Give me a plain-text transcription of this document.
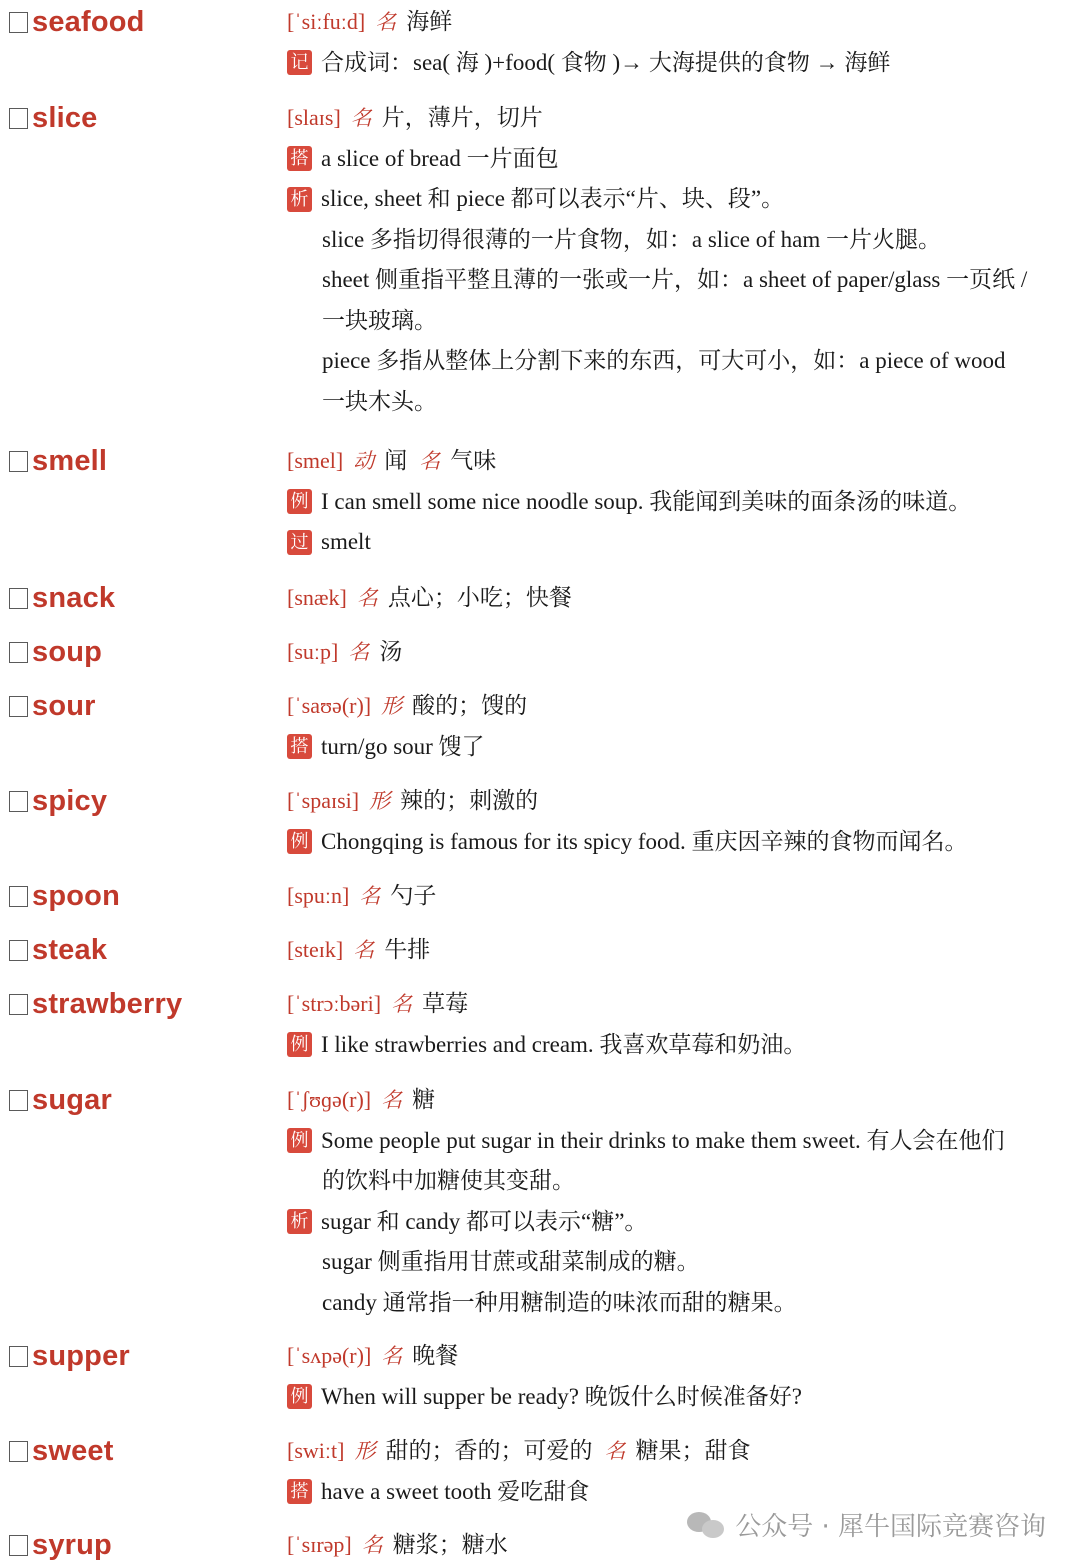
seafood	[ˈsiːfuːd] 名 海鲜
记 合成词：sea( 海 )+food( 食物 )→ 大海提供的食物 → 海鲜
slice	[slaɪs] 名 片，薄片，切片
搭 a slice of bread 一片面包
析 slice, sheet 和 piece 都可以表示“片、块、段”。
slice 多指切得很薄的一片食物，如：a slice of ham 一片火腿。
sheet 侧重指平整且薄的一张或一片，如：a sheet of paper/glass 一页纸 /
一块玻璃。
piece 多指从整体上分割下来的东西，可大可小，如：a piece of wood
一块木头。
smell	[smel] 动 闻 名 气味
例 I can smell some nice noodle soup. 我能闻到美味的面条汤的味道。
过 smelt
snack	[snæk] 名 点心；小吃；快餐
soup	[suːp] 名 汤
sour	[ˈsaʊə(r)] 形 酸的；馊的
搭 turn/go sour 馊了
spicy	[ˈspaɪsi] 形 辣的；刺激的
例 Chongqing is famous for its spicy food. 重庆因辛辣的食物而闻名。
spoon	[spuːn] 名 勺子
steak	[steɪk] 名 牛排
strawberry	[ˈstrɔːbəri] 名 草莓
例 I like strawberries and cream. 我喜欢草莓和奶油。
sugar	[ˈʃʊɡə(r)] 名 糖
例 Some people put sugar in their drinks to make them sweet. 有人会在他们
的饮料中加糖使其变甜。
析 sugar 和 candy 都可以表示“糖”。
sugar 侧重指用甘蔗或甜菜制成的糖。
candy 通常指一种用糖制造的味浓而甜的糖果。
supper	[ˈsʌpə(r)] 名 晚餐
例 When will supper be ready? 晚饭什么时候准备好?
sweet	[swiːt] 形 甜的；香的；可爱的 名 糖果；甜食
搭 have a sweet tooth 爱吃甜食
syrup	[ˈsɪrəp] 名 糖浆；糖水
公众号 · 犀牛国际竞赛咨询
